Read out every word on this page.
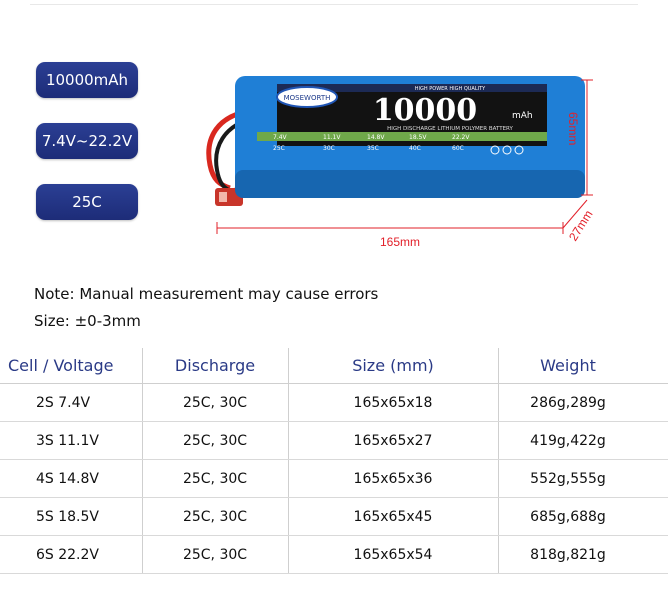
10000mAh
7.4V~22.2V
25C
MOSEWORTH
HIGH POWER HIGH QUALITY
10000	mAh
HIGH DISCHARGE LITHIUM POLYMER BATTERY
7.4V	11.1V	14.8V	18.5V	22.2V
25C	30C	35C	40C	60C
165mm
65mm
27mm
Note: Manual measurement may cause errors
Size: ±0-3mm
Cell / Voltage	Discharge	Size (mm)	Weight
2S 7.4V	25C, 30C	165x65x18	286g,289g
3S 11.1V	25C, 30C	165x65x27	419g,422g
4S 14.8V	25C, 30C	165x65x36	552g,555g
5S 18.5V	25C, 30C	165x65x45	685g,688g
6S 22.2V	25C, 30C	165x65x54	818g,821g
